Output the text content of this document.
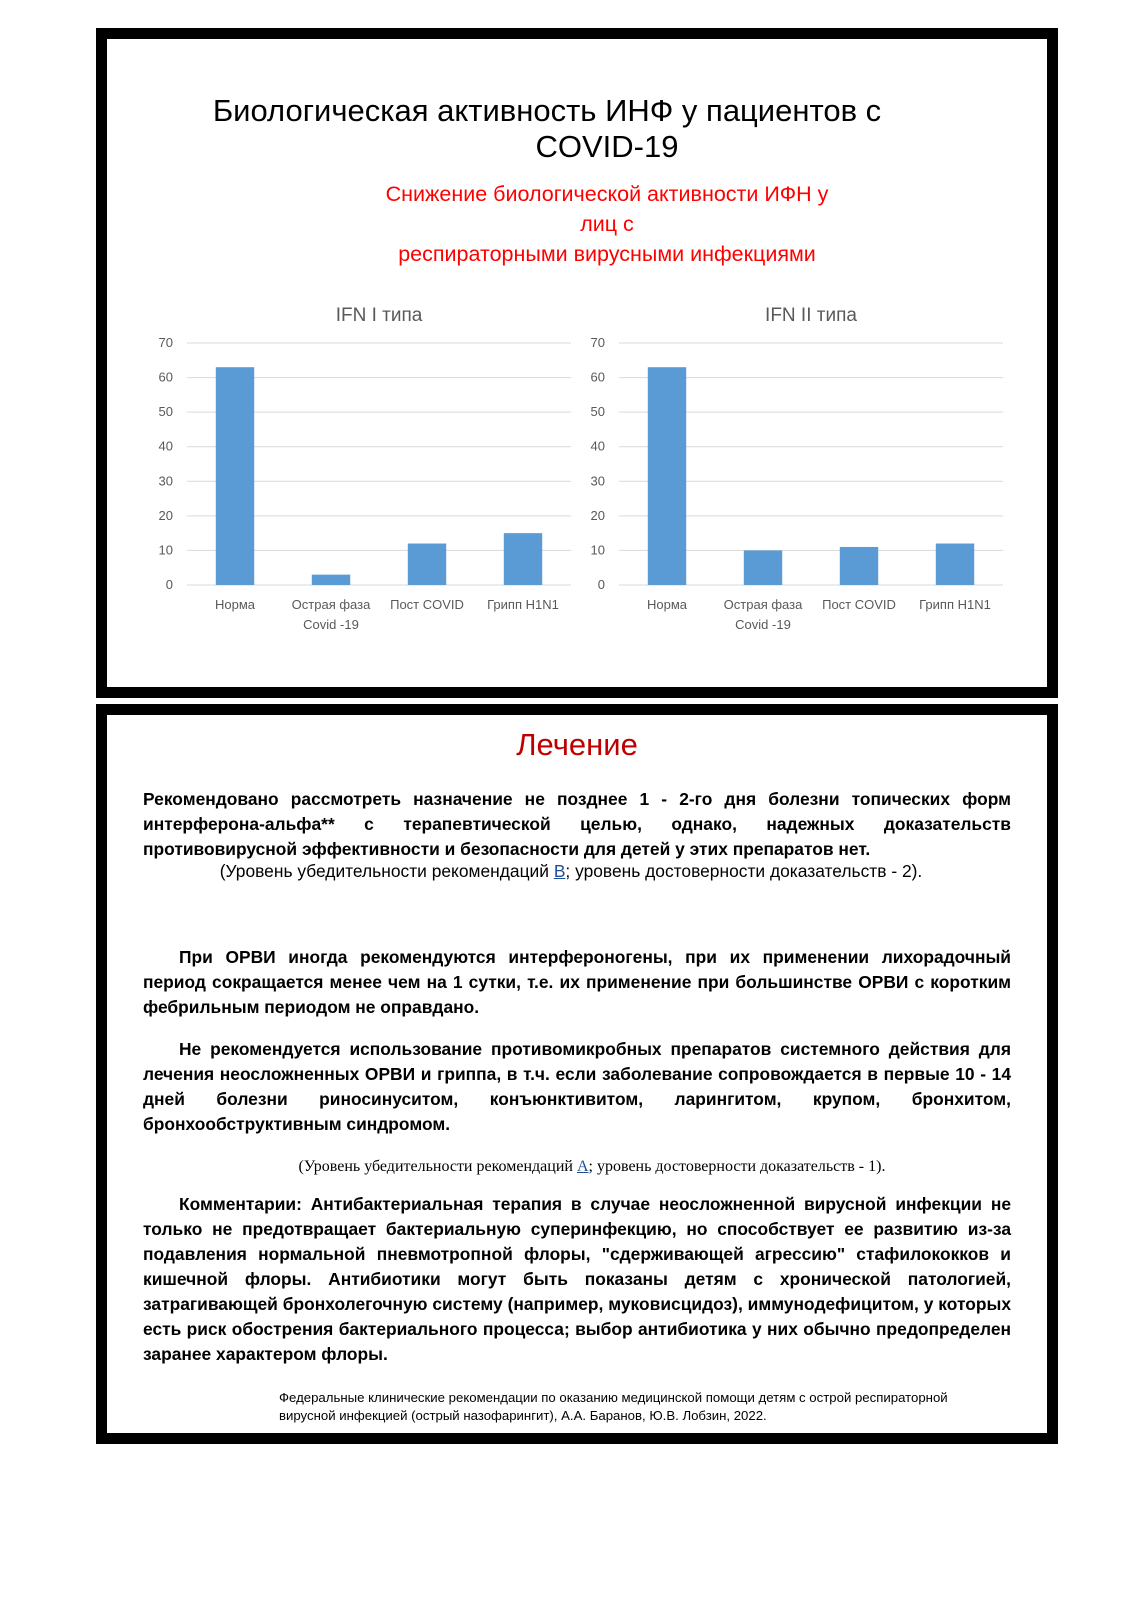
Биологическая активность ИНФ у пациентов с
COVID-19
Снижение биологической активности ИФН у лиц с
респираторными вирусными инфекциями
IFN I типа
0
10
20
30
40
50
60
70
Норма	Острая фаза Covid -19
Пост COVID Грипп H1N1
IFN II типа
0
10
20
30
40
50
60
70
Норма	Острая фаза Covid -19
Пост COVID Грипп H1N1
Лечение

Рекомендовано рассмотреть назначение не позднее 1 - 2-го дня болезни топических форм интерферона-альфа** с терапевтической целью, однако, надежных доказательств противовирусной эффективности и безопасности для детей у этих препаратов нет.

(Уровень убедительности рекомендаций B; уровень достоверности доказательств - 2).

При ОРВИ иногда рекомендуются интерфероногены, при их применении лихорадочный период сокращается менее чем на 1 сутки, т.е. их применение при большинстве ОРВИ с коротким фебрильным периодом не оправдано.

Не рекомендуется использование противомикробных препаратов системного действия для лечения неосложненных ОРВИ и гриппа, в т.ч. если заболевание сопровождается в первые 10 - 14 дней болезни риносинуситом, конъюнктивитом, ларингитом, крупом, бронхитом, бронхообструктивным синдромом.

(Уровень убедительности рекомендаций A; уровень достоверности доказательств - 1).

Комментарии: Антибактериальная терапия в случае неосложненной вирусной инфекции не только не предотвращает бактериальную суперинфекцию, но способствует ее развитию из-за подавления нормальной пневмотропной флоры, "сдерживающей агрессию" стафилококков и кишечной флоры. Антибиотики могут быть показаны детям с хронической патологией, затрагивающей бронхолегочную систему (например, муковисцидоз), иммунодефицитом, у которых есть риск обострения бактериального процесса; выбор антибиотика у них обычно предопределен заранее характером флоры.

Федеральные клинические рекомендации по оказанию медицинской помощи детям с острой респираторной
вирусной инфекцией (острый назофарингит), А.А. Баранов, Ю.В. Лобзин, 2022.
